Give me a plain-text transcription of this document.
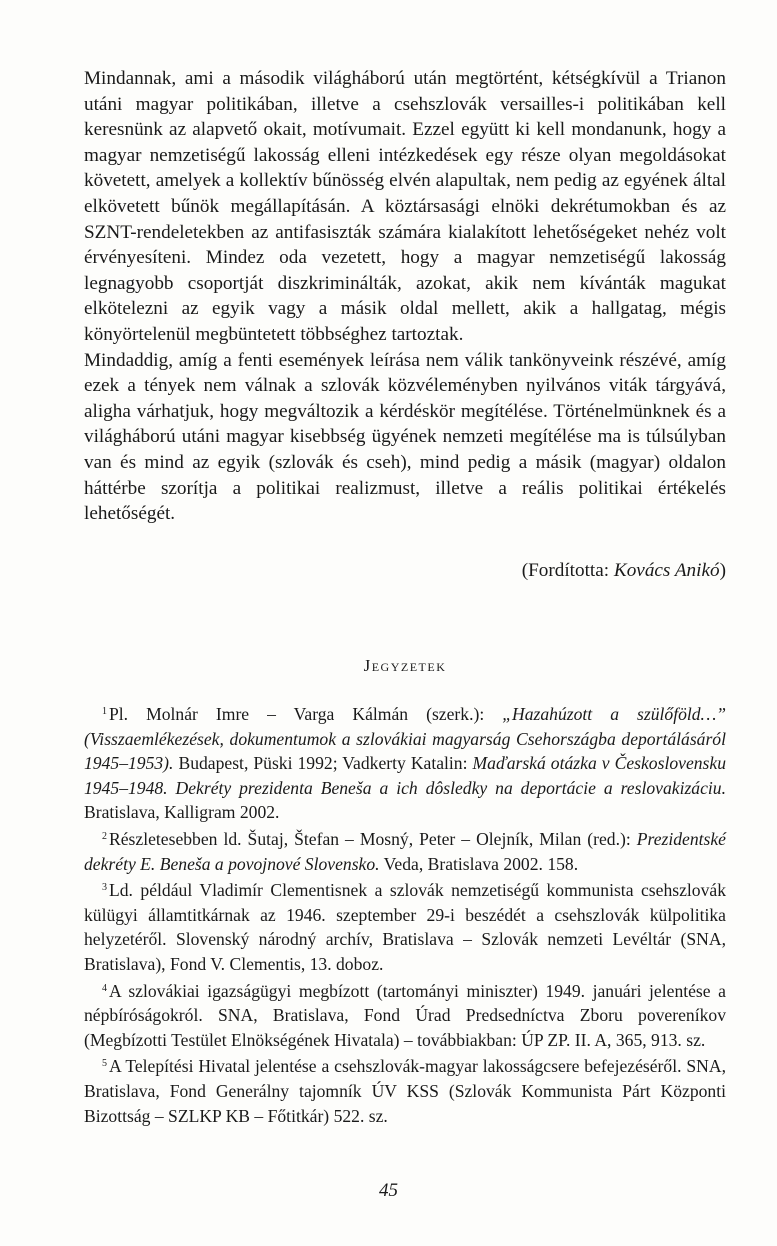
Mindannak, ami a második világháború után megtörtént, kétségkívül a Trianon utáni magyar politikában, illetve a csehszlovák versailles-i politikában kell keresnünk az alapvető okait, motívumait. Ezzel együtt ki kell mondanunk, hogy a magyar nemzetiségű lakosság elleni intézkedések egy része olyan megoldásokat követett, amelyek a kollektív bűnösség elvén alapultak, nem pedig az egyének által elkövetett bűnök megállapításán. A köztársasági elnöki dekrétumokban és az SZNT-rendeletekben az antifasiszták számára kialakított lehetőségeket nehéz volt érvényesíteni. Mindez oda vezetett, hogy a magyar nemzetiségű lakosság legnagyobb csoportját diszkriminálták, azokat, akik nem kívánták magukat elkötelezni az egyik vagy a másik oldal mellett, akik a hallgatag, mégis könyörtelenül megbüntetett többséghez tartoztak.

Mindaddig, amíg a fenti események leírása nem válik tankönyveink részévé, amíg ezek a tények nem válnak a szlovák közvéleményben nyilvános viták tárgyává, aligha várhatjuk, hogy megváltozik a kérdéskör megítélése. Történelmünknek és a világháború utáni magyar kisebbség ügyének nemzeti megítélése ma is túlsúlyban van és mind az egyik (szlovák és cseh), mind pedig a másik (magyar) oldalon háttérbe szorítja a politikai realizmust, illetve a reális politikai értékelés lehetőségét.

(Fordította: Kovács Anikó)
Jegyzetek

$^1$ Pl. Molnár Imre – Varga Kálmán (szerk.): „Hazahúzott a szülőföld…” (Visszaemlékezések, dokumentumok a szlovákiai magyarság Csehországba deportálásáról 1945–1953). Budapest, Püski 1992; Vadkerty Katalin: Maďarská otázka v Československu 1945–1948. Dekréty prezidenta Beneša a ich dôsledky na deportácie a reslovakizáciu. Bratislava, Kalligram 2002.

$^2$ Részletesebben ld. Šutaj, Štefan – Mosný, Peter – Olejník, Milan (red.): Prezidentské dekréty E. Beneša a povojnové Slovensko. Veda, Bratislava 2002. 158.

$^3$ Ld. például Vladimír Clementisnek a szlovák nemzetiségű kommunista csehszlovák külügyi államtitkárnak az 1946. szeptember 29-i beszédét a csehszlovák külpolitika helyzetéről. Slovenský národný archív, Bratislava – Szlovák nemzeti Levéltár (SNA, Bratislava), Fond V. Clementis, 13. doboz.

$^4$ A szlovákiai igazságügyi megbízott (tartományi miniszter) 1949. januári jelentése a népbíróságokról. SNA, Bratislava, Fond Úrad Predsedníctva Zboru povereníkov (Megbízotti Testület Elnökségének Hivatala) – továbbiakban: ÚP ZP. II. A, 365, 913. sz.

$^5$ A Telepítési Hivatal jelentése a csehszlovák-magyar lakosságcsere befejezéséről. SNA, Bratislava, Fond Generálny tajomník ÚV KSS (Szlovák Kommunista Párt Központi Bizottság – SZLKP KB – Főtitkár) 522. sz.

45
